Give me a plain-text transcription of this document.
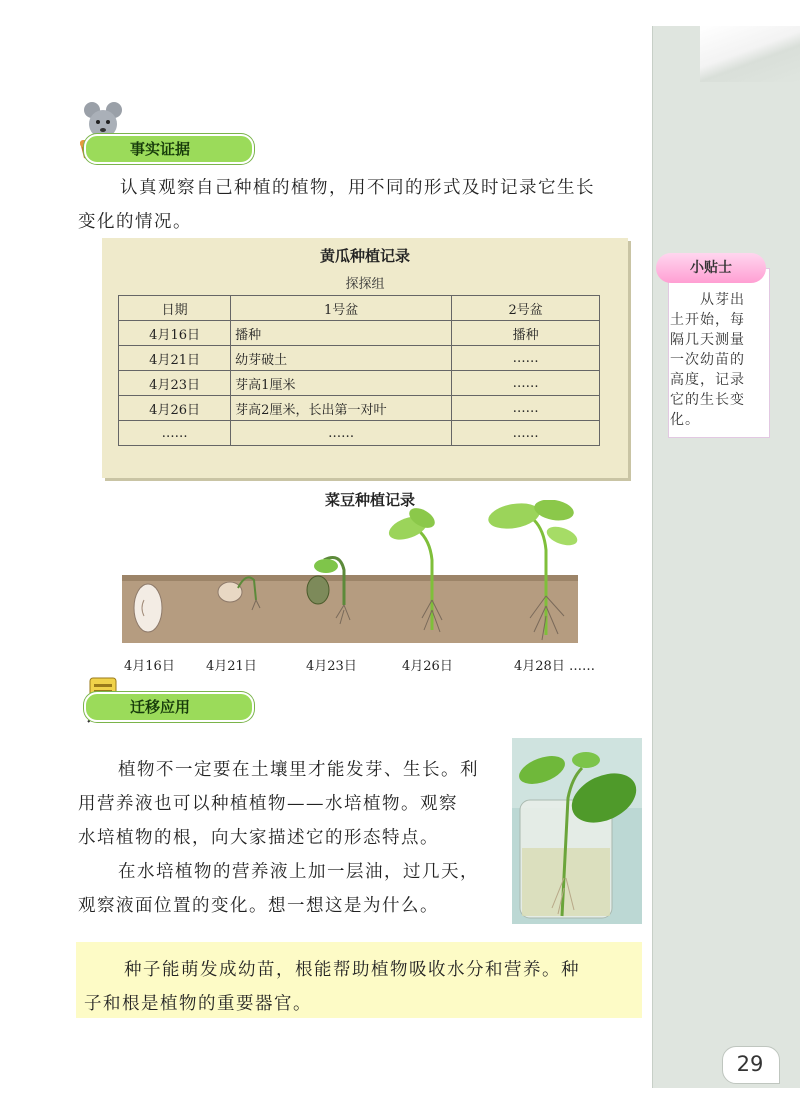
小贴士
从芽出
土开始，每
隔几天测量
一次幼苗的
高度，记录
它的生长变
化。
29
事实证据
认真观察自己种植的植物，用不同的形式及时记录它生长
变化的情况。
黄瓜种植记录
探探组
日期	1号盆	2号盆
4月16日	播种	播种
4月21日	幼芽破土	……
4月23日	芽高1厘米	……
4月26日	芽高2厘米，长出第一对叶	……
……	……	……
菜豆种植记录
4月16日 4月21日	4月23日	4月26日	4月28日 ……
迁移应用
植物不一定要在土壤里才能发芽、生长。利
用营养液也可以种植植物——水培植物。观察
水培植物的根，向大家描述它的形态特点。
在水培植物的营养液上加一层油，过几天，
观察液面位置的变化。想一想这是为什么。
种子能萌发成幼苗，根能帮助植物吸收水分和营养。种
子和根是植物的重要器官。
